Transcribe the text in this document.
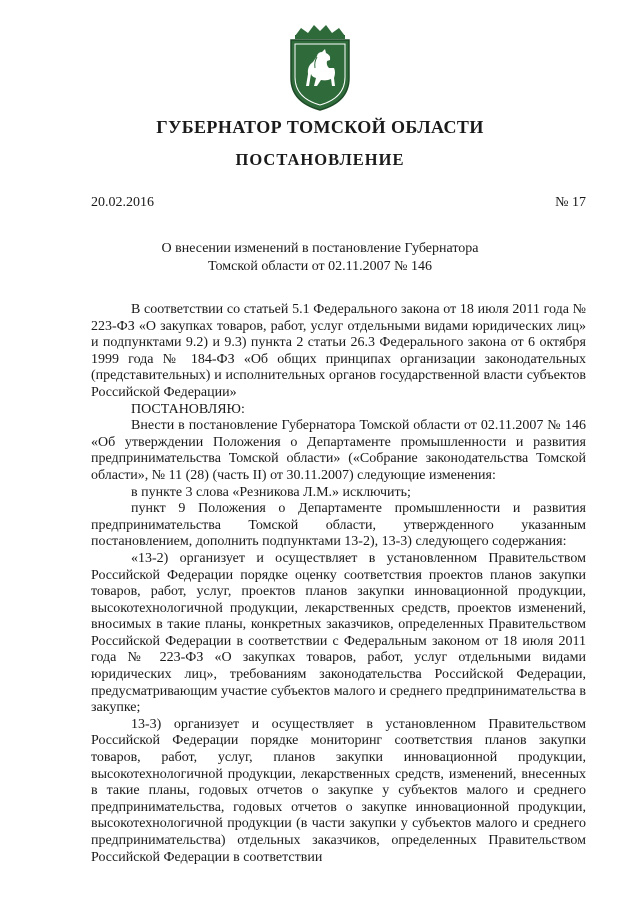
ГУБЕРНАТОР ТОМСКОЙ ОБЛАСТИ
ПОСТАНОВЛЕНИЕ
20.02.2016	№ 17
О внесении изменений в постановление Губернатора
Томской области от 02.11.2007 № 146

В соответствии со статьей 5.1 Федерального закона от 18 июля 2011 года № 223-ФЗ «О закупках товаров, работ, услуг отдельными видами юридических лиц» и подпунктами 9.2) и 9.3) пункта 2 статьи 26.3 Федерального закона от 6 октября 1999 года № 184-ФЗ «Об общих принципах организации законодательных (представительных) и исполнительных органов государственной власти субъектов Российской Федерации»

ПОСТАНОВЛЯЮ:

Внести в постановление Губернатора Томской области от 02.11.2007 № 146 «Об утверждении Положения о Департаменте промышленности и развития предпринимательства Томской области» («Собрание законодательства Томской области», № 11 (28) (часть II) от 30.11.2007) следующие изменения:

в пункте 3 слова «Резникова Л.М.» исключить;

пункт 9 Положения о Департаменте промышленности и развития предпринимательства Томской области, утвержденного указанным постановлением, дополнить подпунктами 13-2), 13-3) следующего содержания:

«13-2) организует и осуществляет в установленном Правительством Российской Федерации порядке оценку соответствия проектов планов закупки товаров, работ, услуг, проектов планов закупки инновационной продукции, высокотехнологичной продукции, лекарственных средств, проектов изменений, вносимых в такие планы, конкретных заказчиков, определенных Правительством Российской Федерации в соответствии с Федеральным законом от 18 июля 2011 года № 223-ФЗ «О закупках товаров, работ, услуг отдельными видами юридических лиц», требованиям законодательства Российской Федерации, предусматривающим участие субъектов малого и среднего предпринимательства в закупке;

13-3) организует и осуществляет в установленном Правительством Российской Федерации порядке мониторинг соответствия планов закупки товаров, работ, услуг, планов закупки инновационной продукции, высокотехнологичной продукции, лекарственных средств, изменений, внесенных в такие планы, годовых отчетов о закупке у субъектов малого и среднего предпринимательства, годовых отчетов о закупке инновационной продукции, высокотехнологичной продукции (в части закупки у субъектов малого и среднего предпринимательства) отдельных заказчиков, определенных Правительством Российской Федерации в соответствии
